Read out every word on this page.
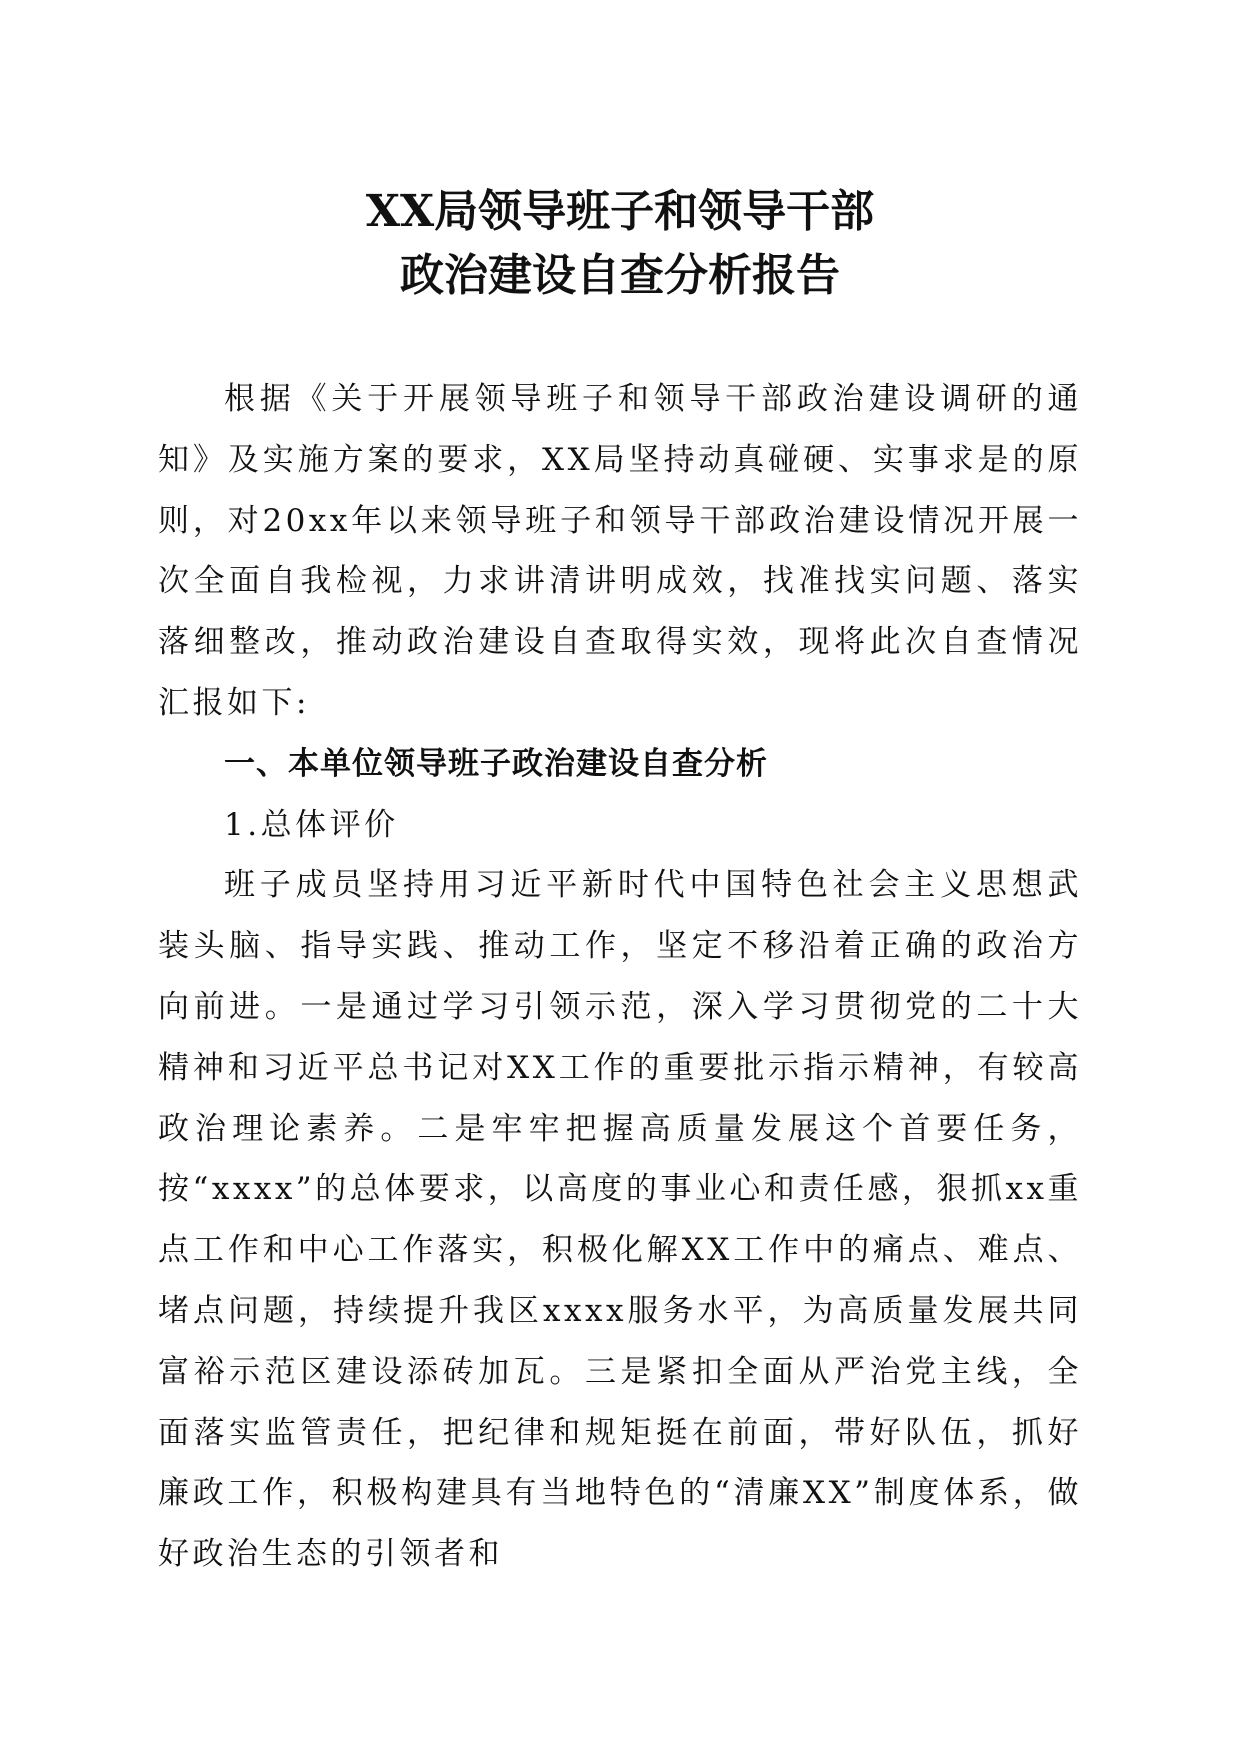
XX局领导班子和领导干部
政治建设自查分析报告

根据《关于开展领导班子和领导干部政治建设调研的通知》及实施方案的要求，XX局坚持动真碰硬、实事求是的原则，对20xx年以来领导班子和领导干部政治建设情况开展一次全面自我检视，力求讲清讲明成效，找准找实问题、落实落细整改，推动政治建设自查取得实效，现将此次自查情况汇报如下:

一、本单位领导班子政治建设自查分析

1.总体评价

班子成员坚持用习近平新时代中国特色社会主义思想武装头脑、指导实践、推动工作，坚定不移沿着正确的政治方向前进。一是通过学习引领示范，深入学习贯彻党的二十大精神和习近平总书记对XX工作的重要批示指示精神，有较高政治理论素养。二是牢牢把握高质量发展这个首要任务，按“xxxx”的总体要求，以高度的事业心和责任感，狠抓xx重点工作和中心工作落实，积极化解XX工作中的痛点、难点、堵点问题，持续提升我区xxxx服务水平，为高质量发展共同富裕示范区建设添砖加瓦。三是紧扣全面从严治党主线，全面落实监管责任，把纪律和规矩挺在前面，带好队伍，抓好廉政工作，积极构建具有当地特色的“清廉XX”制度体系，做好政治生态的引领者和
